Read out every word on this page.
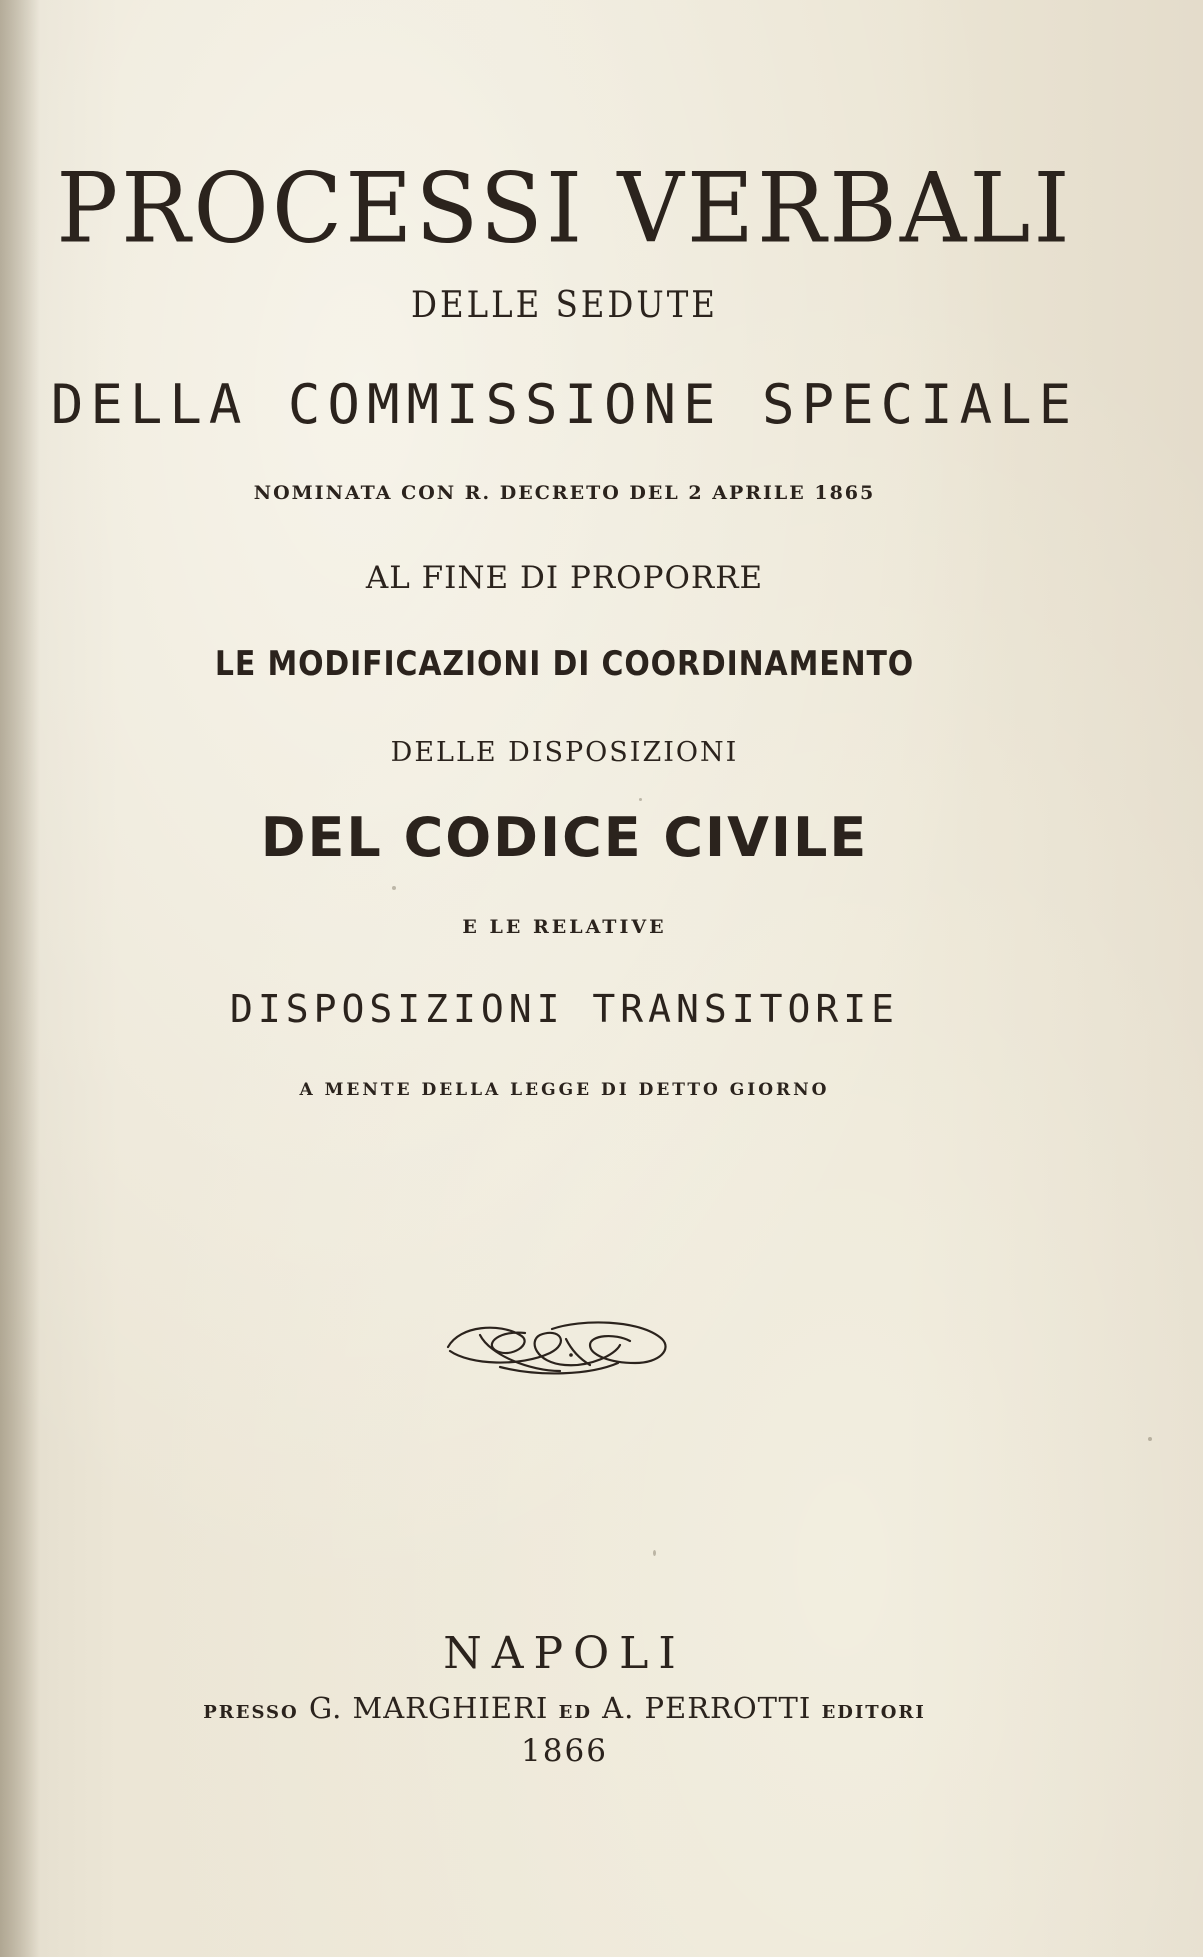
PROCESSI VERBALI
DELLE SEDUTE
DELLA COMMISSIONE SPECIALE
NOMINATA CON R. DECRETO DEL 2 APRILE 1865
AL FINE DI PROPORRE
LE MODIFICAZIONI DI COORDINAMENTO
DELLE DISPOSIZIONI
DEL CODICE CIVILE
E LE RELATIVE
DISPOSIZIONI TRANSITORIE
A MENTE DELLA LEGGE DI DETTO GIORNO
NAPOLI
PRESSO G. MARGHIERI ED A. PERROTTI EDITORI
1866
